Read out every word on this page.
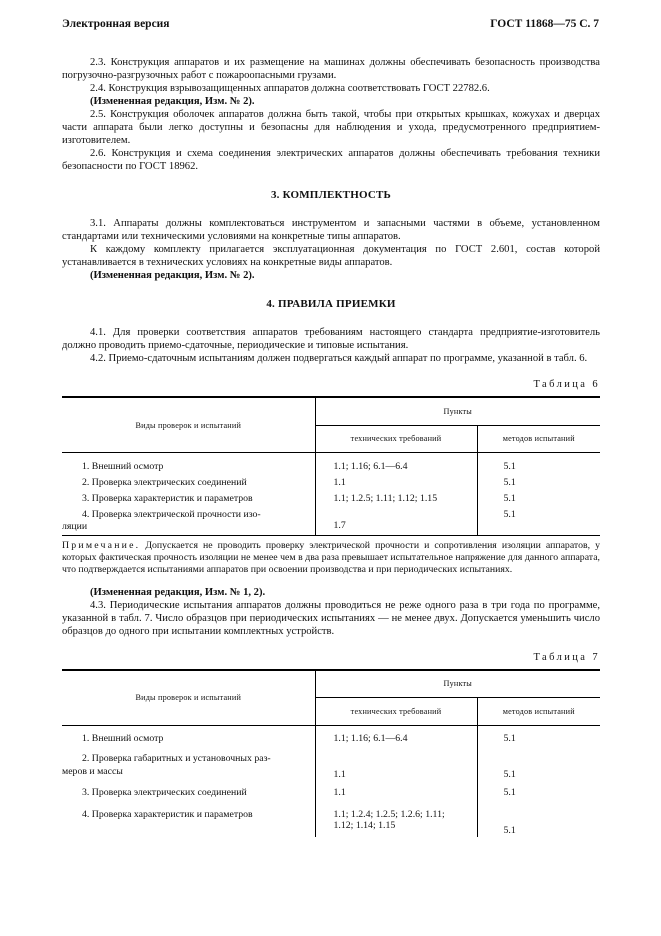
Электронная версия	ГОСТ 11868—75 С. 7

2.3. Конструкция аппаратов и их размещение на машинах должны обеспечивать безопасность производства погрузочно-разгрузочных работ с пожароопасными грузами.

2.4. Конструкция взрывозащищенных аппаратов должна соответствовать ГОСТ 22782.6.

(Измененная редакция, Изм. № 2).

2.5. Конструкция оболочек аппаратов должна быть такой, чтобы при открытых крышках, кожухах и дверцах части аппарата были легко доступны и безопасны для наблюдения и ухода, предусмотренного предприятием-изготовителем.

2.6. Конструкция и схема соединения электрических аппаратов должны обеспечивать требования техники безопасности по ГОСТ 18962.

3. КОМПЛЕКТНОСТЬ

3.1. Аппараты должны комплектоваться инструментом и запасными частями в объеме, установленном стандартами или техническими условиями на конкретные типы аппаратов.

К каждому комплекту прилагается эксплуатационная документация по ГОСТ 2.601, состав которой устанавливается в технических условиях на конкретные виды аппаратов.

(Измененная редакция, Изм. № 2).

4. ПРАВИЛА ПРИЕМКИ

4.1. Для проверки соответствия аппаратов требованиям настоящего стандарта предприятие-изготовитель должно проводить приемо-сдаточные, периодические и типовые испытания.

4.2. Приемо-сдаточным испытаниям должен подвергаться каждый аппарат по программе, указанной в табл. 6.

Таблица 6
Виды проверок и испытаний	Пункты	
	технических требований	методов испытаний

1. Внешний осмотр	1.1; 1.16; 6.1—6.4	5.1
2. Проверка электрических соединений	1.1	5.1
3. Проверка характеристик и параметров	1.1; 1.2.5; 1.11; 1.12; 1.15	5.1
4. Проверка электрической прочности изо-
ляции	1.7	5.1
Примечание. Допускается не проводить проверку электрической прочности и сопротивления изоляции аппаратов, у которых фактическая прочность изоляции не менее чем в два раза превышает испытательное напряжение для данного аппарата, что подтверждается испытаниями аппаратов при освоении производства и при периодических испытаниях.

(Измененная редакция, Изм. № 1, 2).

4.3. Периодические испытания аппаратов должны проводиться не реже одного раза в три года по программе, указанной в табл. 7. Число образцов при периодических испытаниях — не менее двух. Допускается уменьшить число образцов до одного при испытании комплектных устройств.

Таблица 7
Виды проверок и испытаний	Пункты	
	технических требований	методов испытаний

1. Внешний осмотр	1.1; 1.16; 6.1—6.4	5.1
2. Проверка габаритных и установочных раз-
меров и массы	1.1	5.1
3. Проверка электрических соединений	1.1	5.1
4. Проверка характеристик и параметров	1.1; 1.2.4; 1.2.5; 1.2.6; 1.11;
1.12; 1.14; 1.15	5.1
